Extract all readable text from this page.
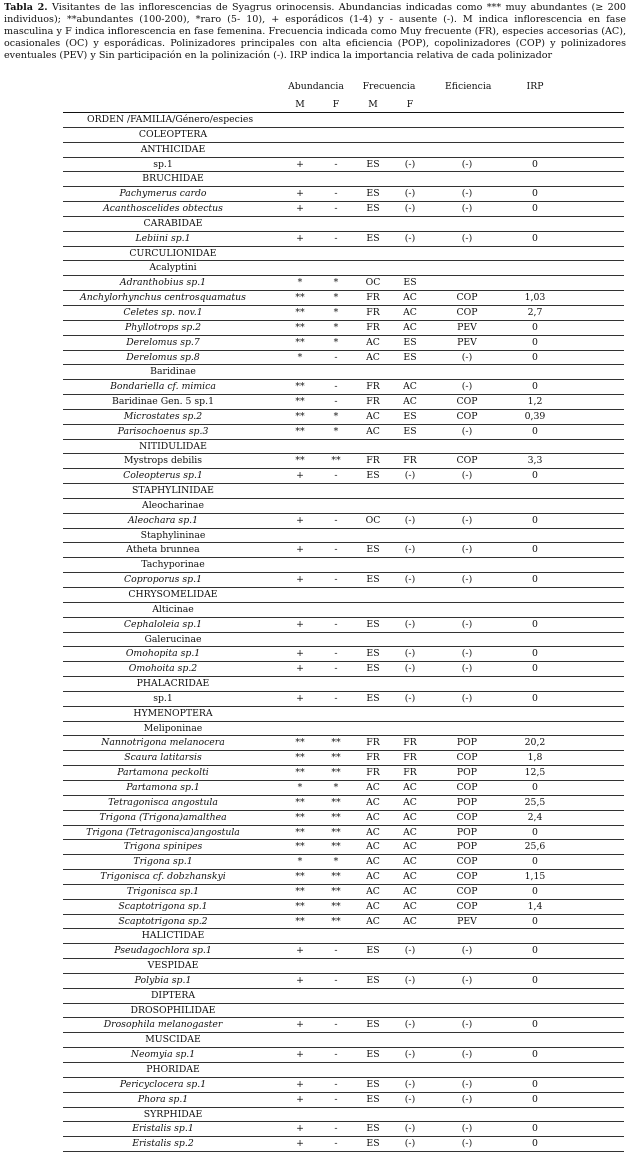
Tabla 2. Visitantes de las inflorescencias de Syagrus orinocensis. Abundancias indicadas como *** muy abundantes (≥ 200 individuos); **abundantes (100-200), *raro (5- 10), + esporádicos (1-4) y - ausente (-). M indica inflorescencia en fase masculina y F indica inflorescencia en fase femenina. Frecuencia indicada como Muy frecuente (FR), especies accesorias (AC), ocasionales (OC) y esporádicas. Polinizadores principales con alta eficiencia (POP), copolinizadores (COP) y polinizadores eventuales (PEV) y Sin participación en la polinización (-). IRP indica la importancia relativa de cada polinizador
Abundancia	Frecuencia	Eficiencia	IRP
M	F	M	F
ORDEN /FAMILIA/Género/especies
COLEOPTERA
ANTHICIDAE
sp.1	+	-	ES	(-)	(-)	0
BRUCHIDAE
Pachymerus cardo	+	-	ES	(-)	(-)	0
Acanthoscelides obtectus	+	-	ES	(-)	(-)	0
CARABIDAE
Lebiini sp.1	+	-	ES	(-)	(-)	0
CURCULIONIDAE
Acalyptini
Adranthobius sp.1	*	*	OC	ES
Anchylorhynchus centrosquamatus	**	*	FR	AC	COP	1,03
Celetes sp. nov.1	**	*	FR	AC	COP	2,7
Phyllotrops sp.2	**	*	FR	AC	PEV	0
Derelomus sp.7	**	*	AC	ES	PEV	0
Derelomus sp.8	*	-	AC	ES	(-)	0
Baridinae
Bondariella cf. mimica	**	-	FR	AC	(-)	0
Baridinae Gen. 5 sp.1	**	-	FR	AC	COP	1,2
Microstates sp.2	**	*	AC	ES	COP	0,39
Parisochoenus sp.3	**	*	AC	ES	(-)	0
NITIDULIDAE
Mystrops debilis	**	**	FR	FR	COP	3,3
Coleopterus sp.1	+	-	ES	(-)	(-)	0
STAPHYLINIDAE
Aleocharinae
Aleochara sp.1	+	-	OC	(-)	(-)	0
Staphylininae
Atheta brunnea	+	-	ES	(-)	(-)	0
Tachyporinae
Coproporus sp.1	+	-	ES	(-)	(-)	0
CHRYSOMELIDAE
Alticinae
Cephaloleia sp.1	+	-	ES	(-)	(-)	0
Galerucinae
Omohopita sp.1	+	-	ES	(-)	(-)	0
Omohoita sp.2	+	-	ES	(-)	(-)	0
PHALACRIDAE
sp.1	+	-	ES	(-)	(-)	0
HYMENOPTERA
Meliponinae
Nannotrigona melanocera	**	**	FR	FR	POP	20,2
Scaura latitarsis	**	**	FR	FR	COP	1,8
Partamona peckolti	**	**	FR	FR	POP	12,5
Partamona sp.1	*	*	AC	AC	COP	0
Tetragonisca angostula	**	**	AC	AC	POP	25,5
Trigona (Trigona)amalthea	**	**	AC	AC	COP	2,4
Trigona (Tetragonisca)angostula	**	**	AC	AC	POP	0
Trigona spinipes	**	**	AC	AC	POP	25,6
Trigona sp.1	*	*	AC	AC	COP	0
Trigonisca cf. dobzhanskyi	**	**	AC	AC	COP	1,15
Trigonisca sp.1	**	**	AC	AC	COP	0
Scaptotrigona sp.1	**	**	AC	AC	COP	1,4
Scaptotrigona sp.2	**	**	AC	AC	PEV	0
HALICTIDAE
Pseudagochlora sp.1	+	-	ES	(-)	(-)	0
VESPIDAE
Polybia sp.1	+	-	ES	(-)	(-)	0
DIPTERA
DROSOPHILIDAE
Drosophila melanogaster	+	-	ES	(-)	(-)	0
MUSCIDAE
Neomyia sp.1	+	-	ES	(-)	(-)	0
PHORIDAE
Pericyclocera sp.1	+	-	ES	(-)	(-)	0
Phora sp.1	+	-	ES	(-)	(-)	0
SYRPHIDAE
Eristalis sp.1	+	-	ES	(-)	(-)	0
Eristalis sp.2	+	-	ES	(-)	(-)	0
